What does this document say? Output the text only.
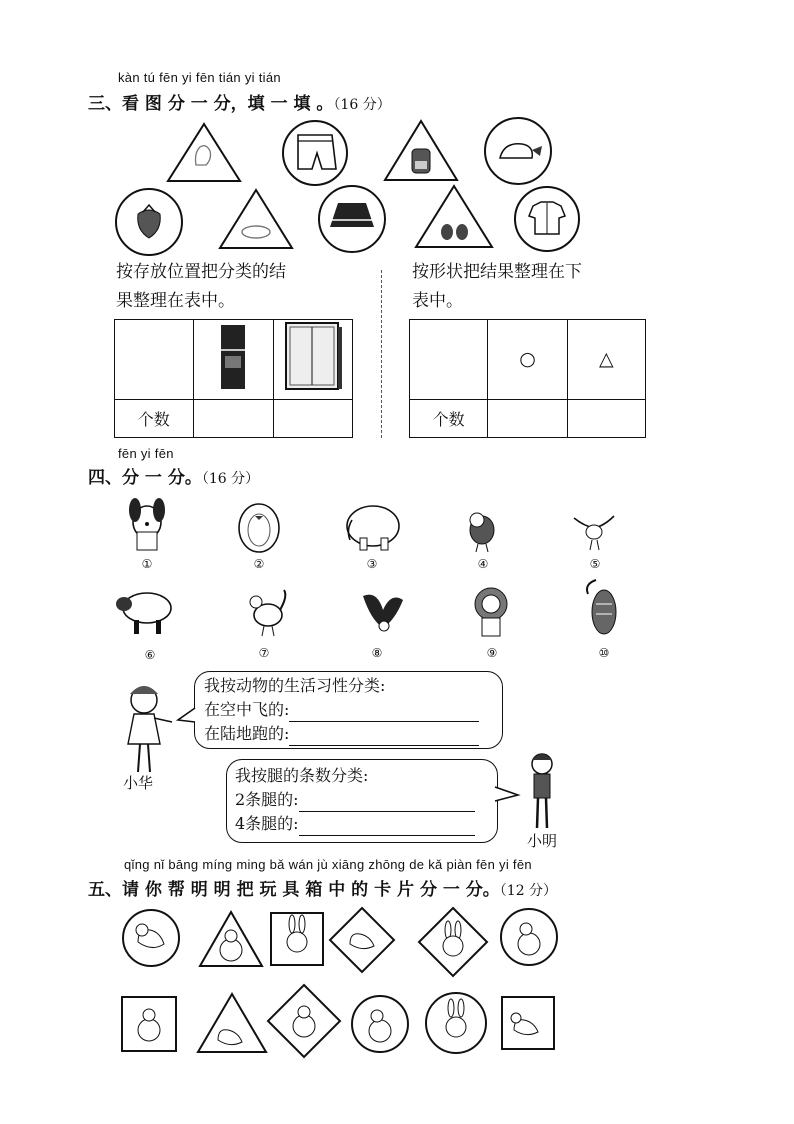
kàn tú fēn yi fēn tián yi tián
三、看 图 分 一 分，填 一 填 。（16 分）
按存放位置把分类的结
果整理在表中。
按形状把结果整理在下
表中。

个数		
	○	△
个数		
fēn yi fēn
四、分 一 分。（16 分）
①	②	③	④	⑤
⑥	⑦	⑧	⑨	⑩
小华
我按动物的生活习性分类:
在空中飞的:
在陆地跑的:
我按腿的条数分类:
2条腿的:
4条腿的:
小明
qǐng nǐ bāng míng ming bǎ wán jù xiāng zhōng de kǎ piàn fēn yi fēn
五、请 你 帮 明 明 把 玩 具 箱 中 的 卡 片 分 一 分。（12 分）
